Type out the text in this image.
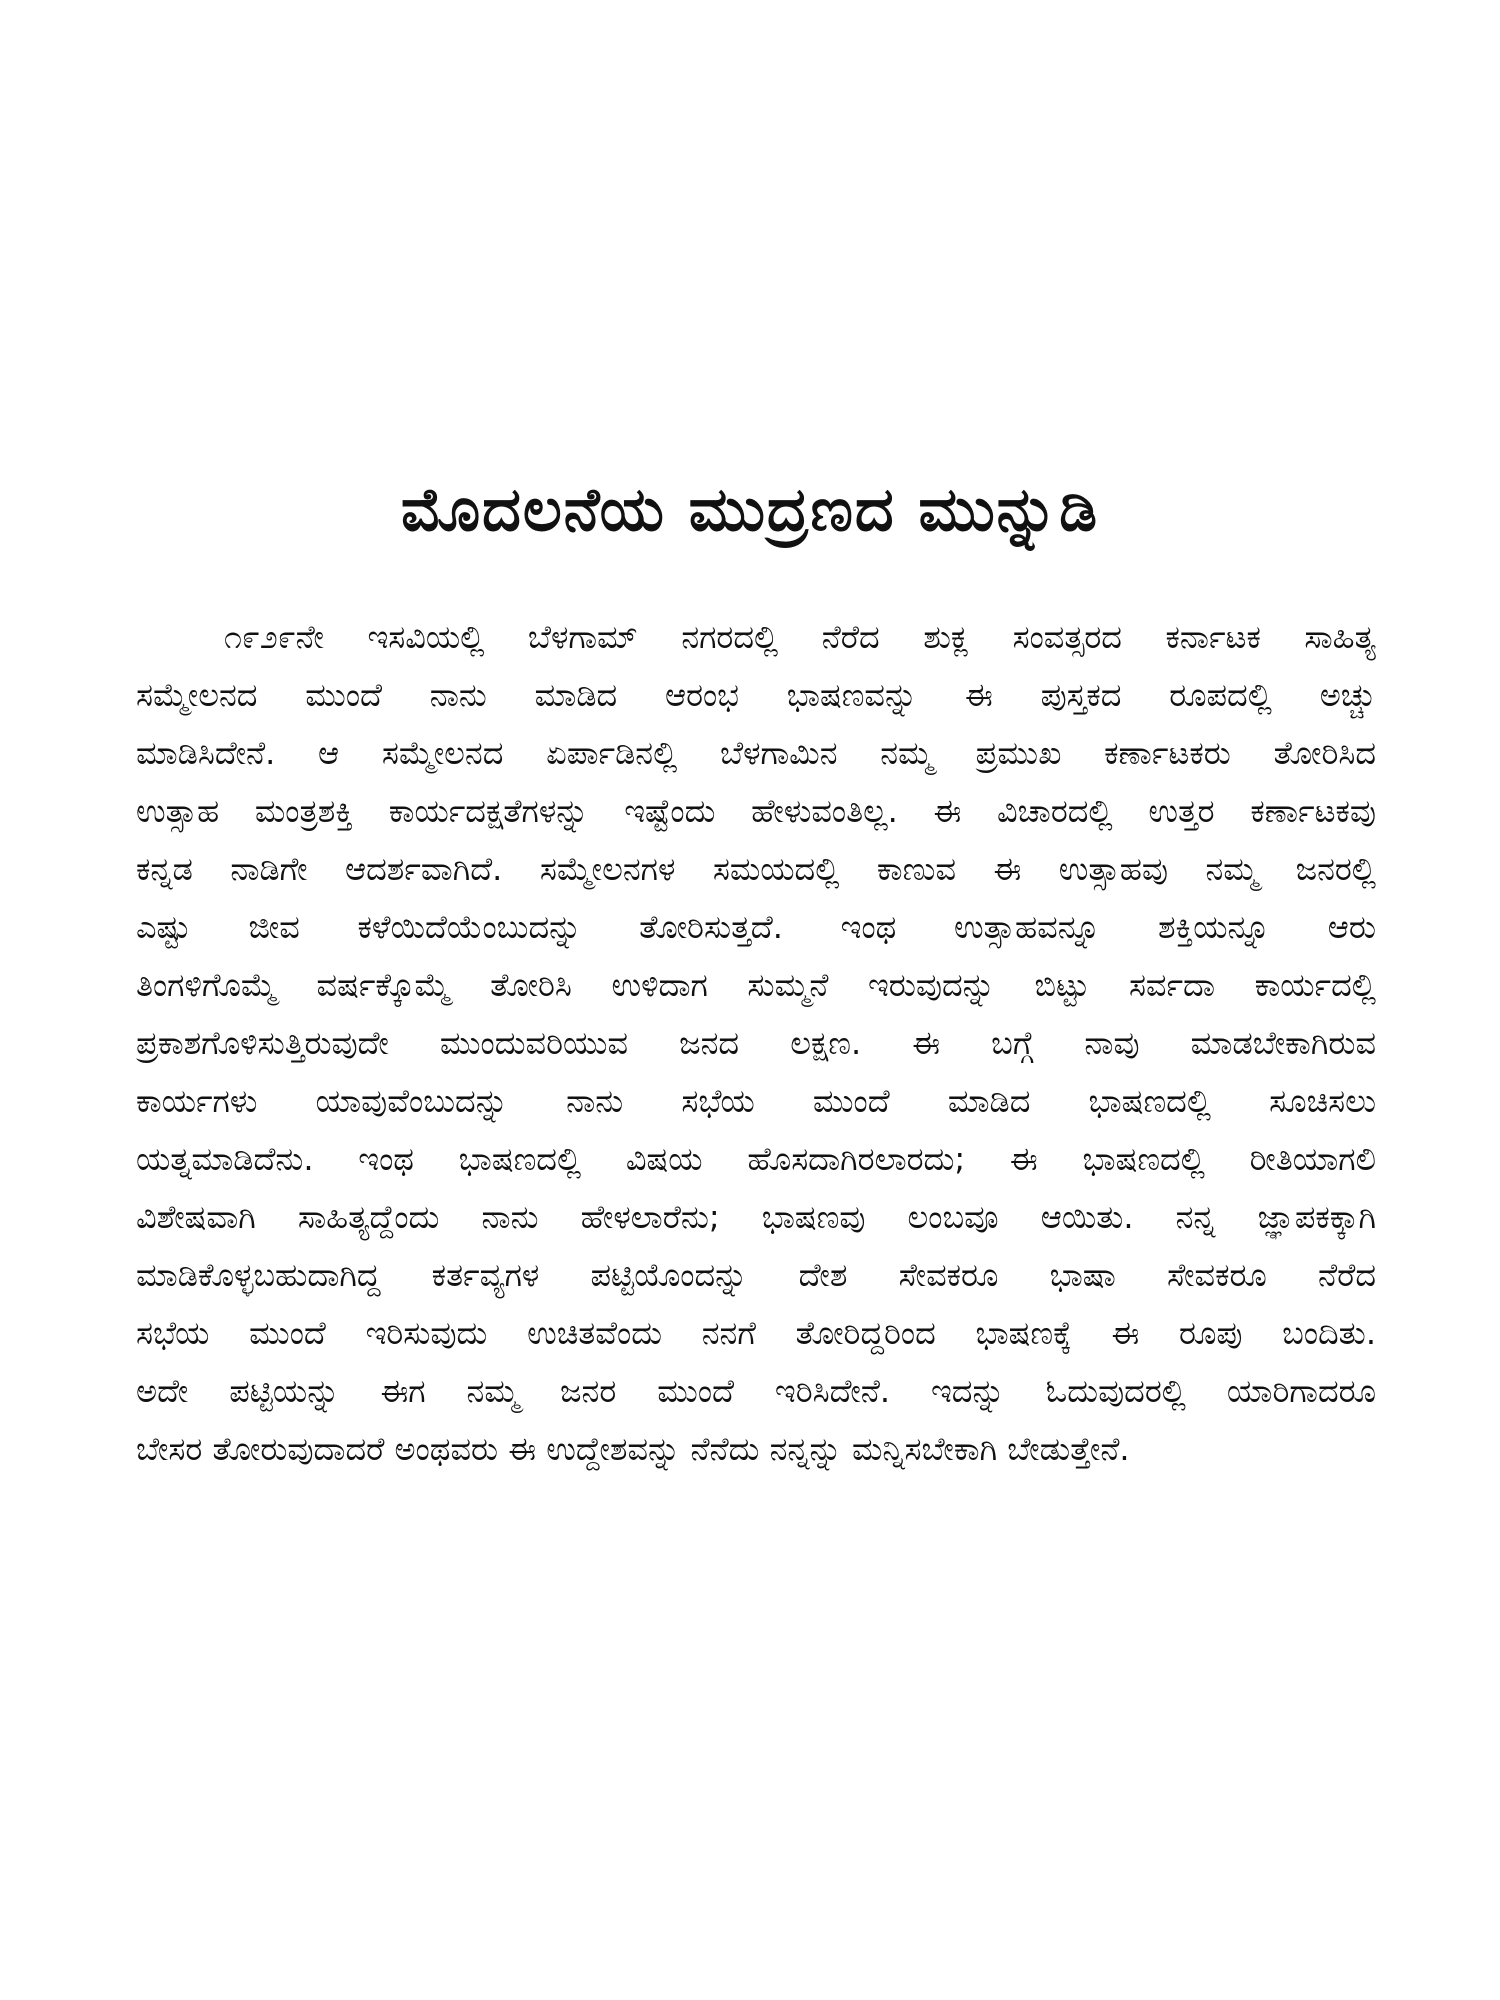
ಮೊದಲನೆಯ ಮುದ್ರಣದ ಮುನ್ನುಡಿ
೧೯೨೯ನೇ ಇಸವಿಯಲ್ಲಿ ಬೆಳಗಾಮ್ ನಗರದಲ್ಲಿ ನೆರೆದ ಶುಕ್ಲ ಸಂವತ್ಸರದ ಕರ್ನಾಟಕ ಸಾಹಿತ್ಯ
ಸಮ್ಮೇಲನದ ಮುಂದೆ ನಾನು ಮಾಡಿದ ಆರಂಭ ಭಾಷಣವನ್ನು ಈ ಪುಸ್ತಕದ ರೂಪದಲ್ಲಿ ಅಚ್ಚು
ಮಾಡಿಸಿದೇನೆ. ಆ ಸಮ್ಮೇಲನದ ಏರ್ಪಾಡಿನಲ್ಲಿ ಬೆಳಗಾಮಿನ ನಮ್ಮ ಪ್ರಮುಖ ಕರ್ಣಾಟಕರು ತೋರಿಸಿದ
ಉತ್ಸಾಹ ಮಂತ್ರಶಕ್ತಿ ಕಾರ್ಯದಕ್ಷತೆಗಳನ್ನು ಇಷ್ಟೆಂದು ಹೇಳುವಂತಿಲ್ಲ. ಈ ವಿಚಾರದಲ್ಲಿ ಉತ್ತರ ಕರ್ಣಾಟಕವು
ಕನ್ನಡ ನಾಡಿಗೇ ಆದರ್ಶವಾಗಿದೆ. ಸಮ್ಮೇಲನಗಳ ಸಮಯದಲ್ಲಿ ಕಾಣುವ ಈ ಉತ್ಸಾಹವು ನಮ್ಮ ಜನರಲ್ಲಿ
ಎಷ್ಟು ಜೀವ ಕಳೆಯಿದೆಯೆಂಬುದನ್ನು ತೋರಿಸುತ್ತದೆ. ಇಂಥ ಉತ್ಸಾಹವನ್ನೂ ಶಕ್ತಿಯನ್ನೂ ಆರು
ತಿಂಗಳಿಗೊಮ್ಮೆ ವರ್ಷಕ್ಕೊಮ್ಮೆ ತೋರಿಸಿ ಉಳಿದಾಗ ಸುಮ್ಮನೆ ಇರುವುದನ್ನು ಬಿಟ್ಟು ಸರ್ವದಾ ಕಾರ್ಯದಲ್ಲಿ
ಪ್ರಕಾಶಗೊಳಿಸುತ್ತಿರುವುದೇ ಮುಂದುವರಿಯುವ ಜನದ ಲಕ್ಷಣ. ಈ ಬಗ್ಗೆ ನಾವು ಮಾಡಬೇಕಾಗಿರುವ
ಕಾರ್ಯಗಳು ಯಾವುವೆಂಬುದನ್ನು ನಾನು ಸಭೆಯ ಮುಂದೆ ಮಾಡಿದ ಭಾಷಣದಲ್ಲಿ ಸೂಚಿಸಲು
ಯತ್ನಮಾಡಿದೆನು. ಇಂಥ ಭಾಷಣದಲ್ಲಿ ವಿಷಯ ಹೊಸದಾಗಿರಲಾರದು; ಈ ಭಾಷಣದಲ್ಲಿ ರೀತಿಯಾಗಲಿ
ವಿಶೇಷವಾಗಿ ಸಾಹಿತ್ಯದ್ದೆಂದು ನಾನು ಹೇಳಲಾರೆನು; ಭಾಷಣವು ಲಂಬವೂ ಆಯಿತು. ನನ್ನ ಜ್ಞಾಪಕಕ್ಕಾಗಿ
ಮಾಡಿಕೊಳ್ಳಬಹುದಾಗಿದ್ದ ಕರ್ತವ್ಯಗಳ ಪಟ್ಟಿಯೊಂದನ್ನು ದೇಶ ಸೇವಕರೂ ಭಾಷಾ ಸೇವಕರೂ ನೆರೆದ
ಸಭೆಯ ಮುಂದೆ ಇರಿಸುವುದು ಉಚಿತವೆಂದು ನನಗೆ ತೋರಿದ್ದರಿಂದ ಭಾಷಣಕ್ಕೆ ಈ ರೂಪು ಬಂದಿತು.
ಅದೇ ಪಟ್ಟಿಯನ್ನು ಈಗ ನಮ್ಮ ಜನರ ಮುಂದೆ ಇರಿಸಿದೇನೆ. ಇದನ್ನು ಓದುವುದರಲ್ಲಿ ಯಾರಿಗಾದರೂ
ಬೇಸರ ತೋರುವುದಾದರೆ ಅಂಥವರು ಈ ಉದ್ದೇಶವನ್ನು ನೆನೆದು ನನ್ನನ್ನು ಮನ್ನಿಸಬೇಕಾಗಿ ಬೇಡುತ್ತೇನೆ.
